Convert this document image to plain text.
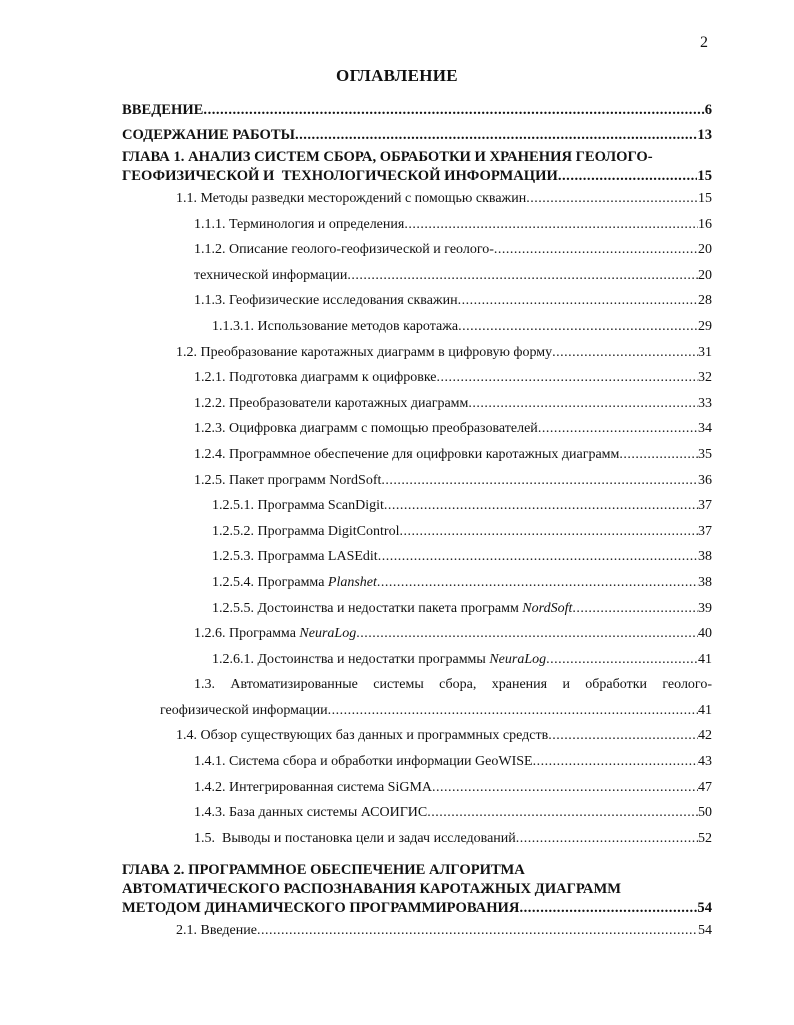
2
ОГЛАВЛЕНИЕ
ВВЕДЕНИЕ .....	6
СОДЕРЖАНИЕ РАБОТЫ .....	13
ГЛАВА 1. АНАЛИЗ СИСТЕМ СБОРА, ОБРАБОТКИ И ХРАНЕНИЯ ГЕОЛОГО-
ГЕОФИЗИЧЕСКОЙ И  ТЕХНОЛОГИЧЕСКОЙ ИНФОРМАЦИИ .....	15
1.1. Методы разведки месторождений с помощью скважин .....	15
1.1.1. Терминология и определения .....	16
1.1.2. Описание геолого-геофизической и геолого- .....	20
технической информации .....	20
1.1.3. Геофизические исследования скважин .....	28
1.1.3.1. Использование методов каротажа .....	29
1.2. Преобразование каротажных диаграмм в цифровую форму .....	31
1.2.1. Подготовка диаграмм к оцифровке .....	32
1.2.2. Преобразователи каротажных диаграмм .....	33
1.2.3. Оцифровка диаграмм с помощью преобразователей .....	34
1.2.4. Программное обеспечение для оцифровки каротажных диаграмм .....	35
1.2.5. Пакет программ NordSoft .....	36
1.2.5.1. Программа ScanDigit .....	37
1.2.5.2. Программа DigitControl .....	37
1.2.5.3. Программа LASEdit .....	38
1.2.5.4. Программа Planshet .....	38
1.2.5.5. Достоинства и недостатки пакета программ NordSoft .....	39
1.2.6. Программа NeuraLog .....	40
1.2.6.1. Достоинства и недостатки программы NeuraLog .....	41
1.3. Автоматизированные системы сбора, хранения и обработки геолого-
геофизической информации .....	41
1.4. Обзор существующих баз данных и программных средств .....	42
1.4.1. Система сбора и обработки информации GeoWISE .....	43
1.4.2. Интегрированная система SiGMA .....	47
1.4.3. База данных системы АСОИГИС .....	50
1.5.  Выводы и постановка цели и задач исследований .....	52
ГЛАВА 2. ПРОГРАММНОЕ ОБЕСПЕЧЕНИЕ АЛГОРИТМА
АВТОМАТИЧЕСКОГО РАСПОЗНАВАНИЯ КАРОТАЖНЫХ ДИАГРАММ
МЕТОДОМ ДИНАМИЧЕСКОГО ПРОГРАММИРОВАНИЯ .....	54
2.1. Введение .....	54
